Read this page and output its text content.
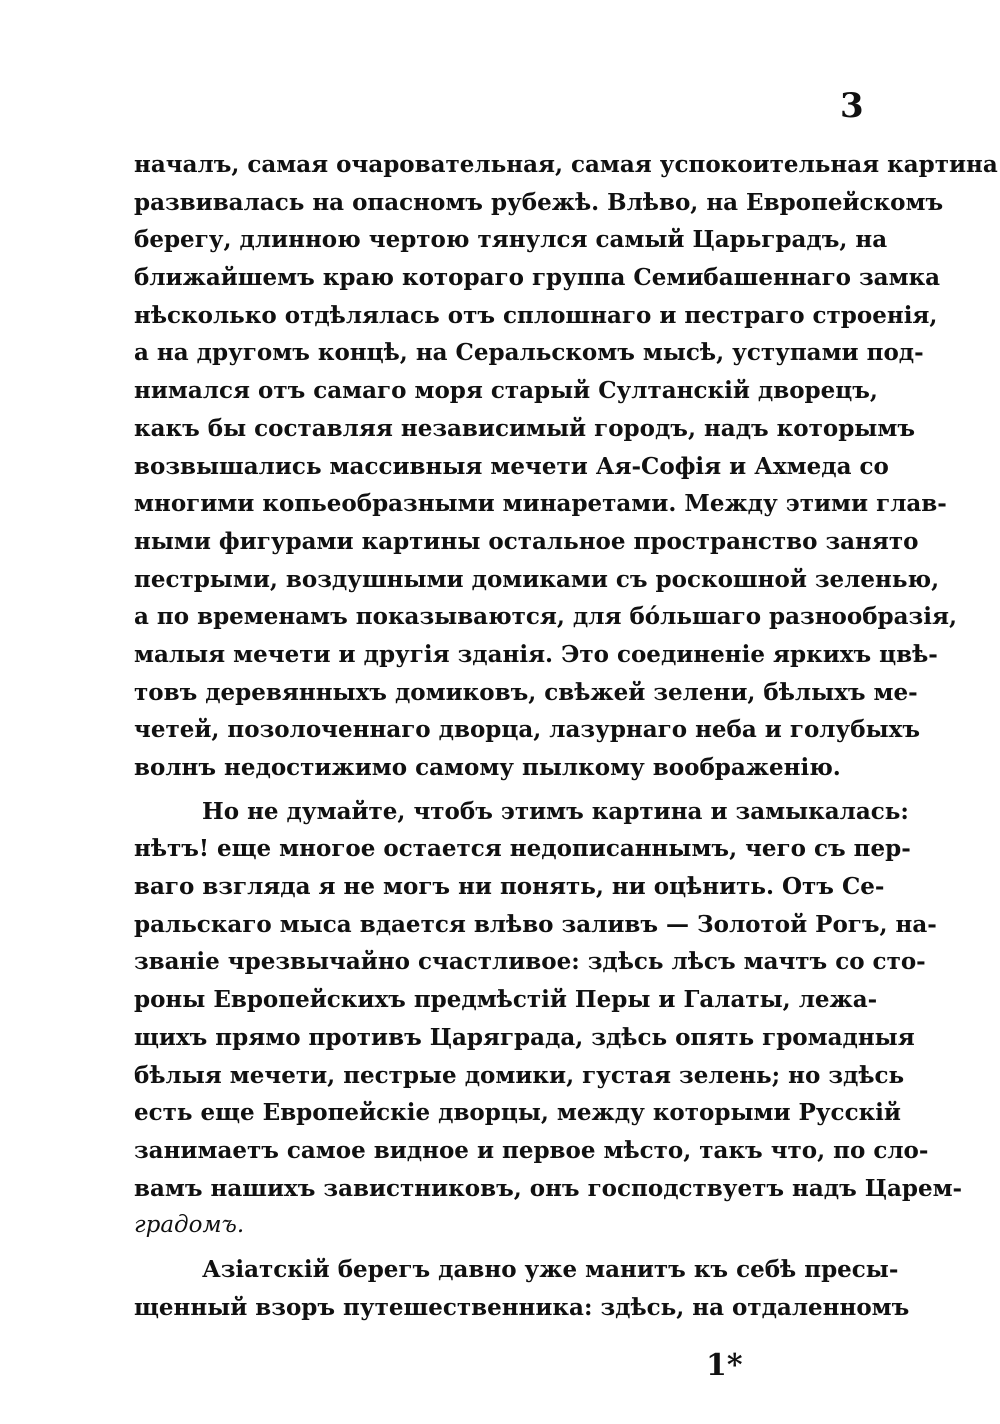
3
началъ, самая очаровательная, самая успокоительная картина
развивалась на опасномъ рубежѣ. Влѣво, на Европейскомъ
берегу, длинною чертою тянулся самый Царьградъ, на
ближайшемъ краю котораго группа Семибашеннаго замка
нѣсколько отдѣлялась отъ сплошнаго и пестраго строенія,
а на другомъ концѣ, на Серальскомъ мысѣ, уступами под-
нимался отъ самаго моря старый Султанскій дворецъ,
какъ бы составляя независимый городъ, надъ которымъ
возвышались массивныя мечети Ая-Софія и Ахмеда со
многими копьеобразными минаретами. Между этими глав-
ными фигурами картины остальное пространство занято
пестрыми, воздушными домиками съ роскошной зеленью,
а по временамъ показываются, для бо́льшаго разнообразія,
малыя мечети и другія зданія. Это соединеніе яркихъ цвѣ-
товъ деревянныхъ домиковъ, свѣжей зелени, бѣлыхъ ме-
четей, позолоченнаго дворца, лазурнаго неба и голубыхъ
волнъ недостижимо самому пылкому воображенію.
Но не думайте, чтобъ этимъ картина и замыкалась:
нѣтъ! еще многое остается недописаннымъ, чего съ пер-
ваго взгляда я не могъ ни понять, ни оцѣнить. Отъ Се-
ральскаго мыса вдается влѣво заливъ — Золотой Рогъ, на-
званіе чрезвычайно счастливое: здѣсь лѣсъ мачтъ со сто-
роны Европейскихъ предмѣстій Перы и Галаты, лежа-
щихъ прямо противъ Царяграда, здѣсь опять громадныя
бѣлыя мечети, пестрые домики, густая зелень; но здѣсь
есть еще Европейскіе дворцы, между которыми Русскій
занимаетъ самое видное и первое мѣсто, такъ что, по сло-
вамъ нашихъ завистниковъ, онъ господствуетъ надъ Царем-
градомъ.
Азіатскій берегъ давно уже манитъ къ себѣ пресы-
щенный взоръ путешественника: здѣсь, на отдаленномъ
1*
